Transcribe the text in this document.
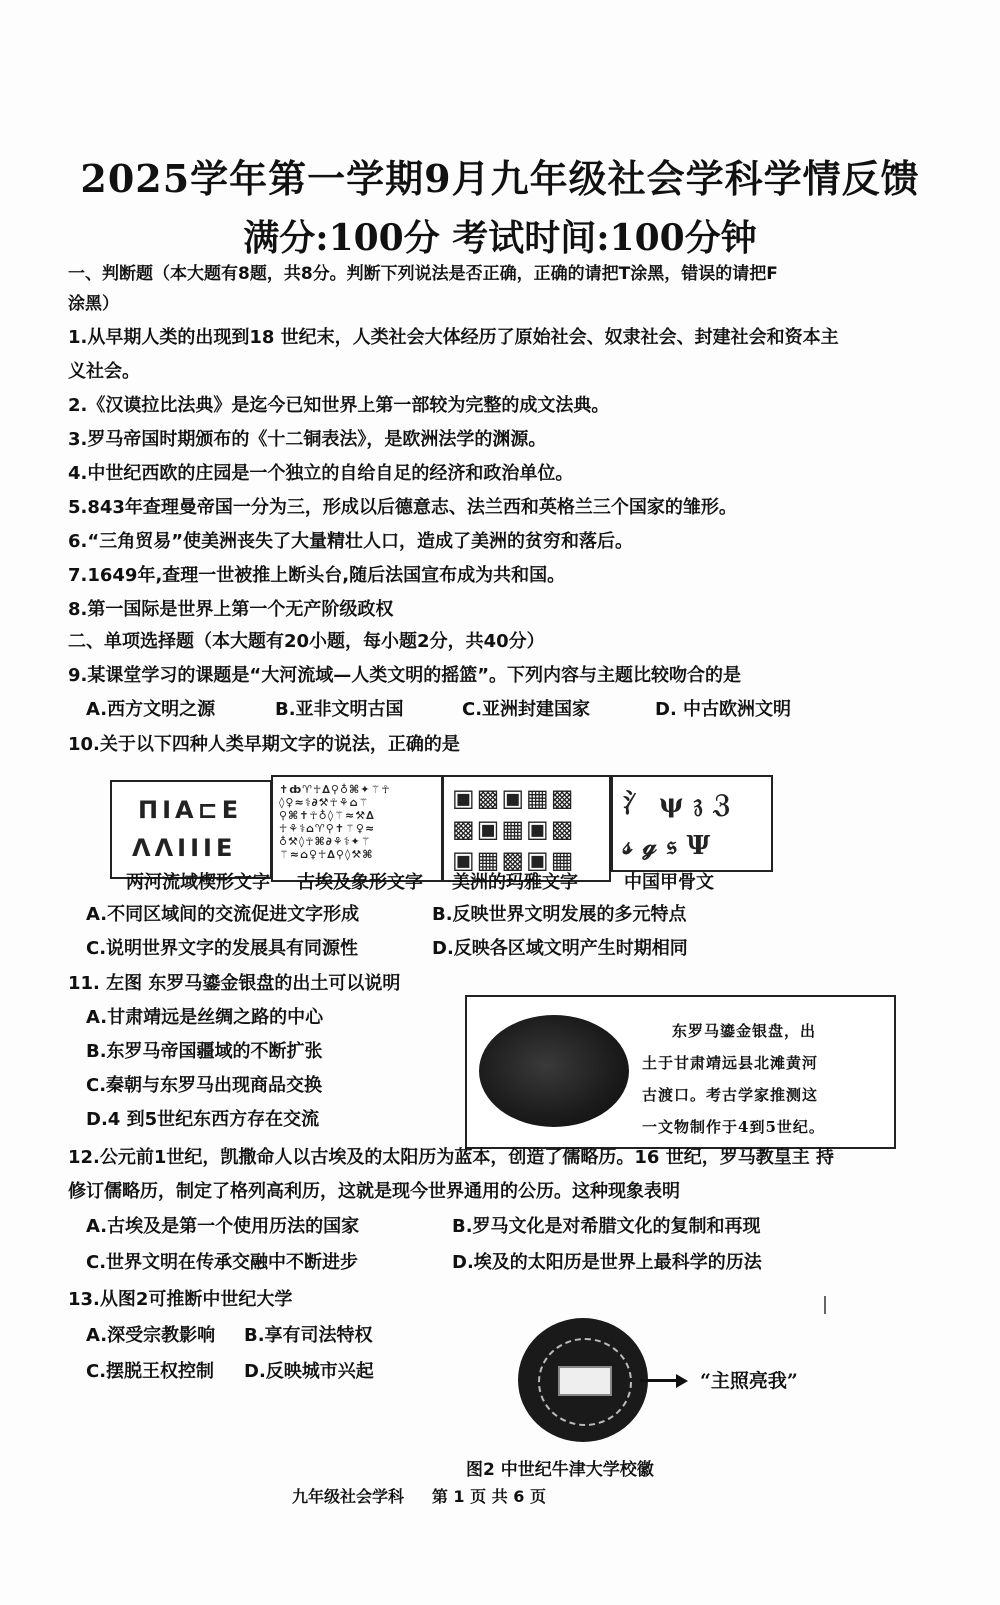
2025学年第一学期9月九年级社会学科学情反馈
满分:100分 考试时间:100分钟
一、判断题（本大题有8题，共8分。判断下列说法是否正确，正确的请把T涂黑，错误的请把F
涂黑）
1.从早期人类的出现到18 世纪末，人类社会大体经历了原始社会、奴隶社会、封建社会和资本主
义社会。
2.《汉谟拉比法典》是迄今已知世界上第一部较为完整的成文法典。
3.罗马帝国时期颁布的《十二铜表法》，是欧洲法学的渊源。
4.中世纪西欧的庄园是一个独立的自给自足的经济和政治单位。
5.843年查理曼帝国一分为三，形成以后德意志、法兰西和英格兰三个国家的雏形。
6.“三角贸易”使美洲丧失了大量精壮人口，造成了美洲的贫穷和落后。
7.1649年,查理一世被推上断头台,随后法国宣布成为共和国。
8.第一国际是世界上第一个无产阶级政权
二、单项选择题（本大题有20小题，每小题2分，共40分）
9.某课堂学习的课题是“大河流域—人类文明的摇篮”。下列内容与主题比较吻合的是
A.西方文明之源	B.亚非文明古国	C.亚洲封建国家	D. 中古欧洲文明
10.关于以下四种人类早期文字的说法，正确的是
ΠΙΑ⊏Ε
ΛΛΙΙΙΕ
✝ȸ♈☥∆⚲♁⌘✦⚚☥
◊♀≈⚕∂⚒☥⚘⌂⚚
⚲⌘✝☥♁◊⚚≈⚒∆
☥⚘⚕⌂♈⚲✝⚚♀≈
♁⚒◊☥⌘∂⚘⚕✦⚚
⚚≈⌂♀☥∆⚲◊⚒⌘
▣▩▣▦▩
▩▣▦▣▩
▣▦▩▣▦
氵ψ𝔷ℨ
𝓈ℊ𝔰Ψ
两河流域楔形文字 古埃及象形文字 美洲的玛雅文字	中国甲骨文
A.不同区域间的交流促进文字形成	B.反映世界文明发展的多元特点
C.说明世界文字的发展具有同源性	D.反映各区域文明产生时期相同
11. 左图 东罗马鎏金银盘的出土可以说明
A.甘肃靖远是丝绸之路的中心
B.东罗马帝国疆域的不断扩张
C.秦朝与东罗马出现商品交换
D.4 到5世纪东西方存在交流
东罗马鎏金银盘，出
土于甘肃靖远县北滩黄河
古渡口。考古学家推测这
一文物制作于4到5世纪。
12.公元前1世纪，凯撒命人以古埃及的太阳历为蓝本，创造了儒略历。16 世纪，罗马教皇主 持
修订儒略历，制定了格列高利历，这就是现今世界通用的公历。这种现象表明
A.古埃及是第一个使用历法的国家	B.罗马文化是对希腊文化的复制和再现
C.世界文明在传承交融中不断进步	D.埃及的太阳历是世界上最科学的历法
13.从图2可推断中世纪大学
A.深受宗教影响 B.享有司法特权
C.摆脱王权控制 D.反映城市兴起	“主照亮我”
图2 中世纪牛津大学校徽
九年级社会学科     第 1 页 共 6 页
